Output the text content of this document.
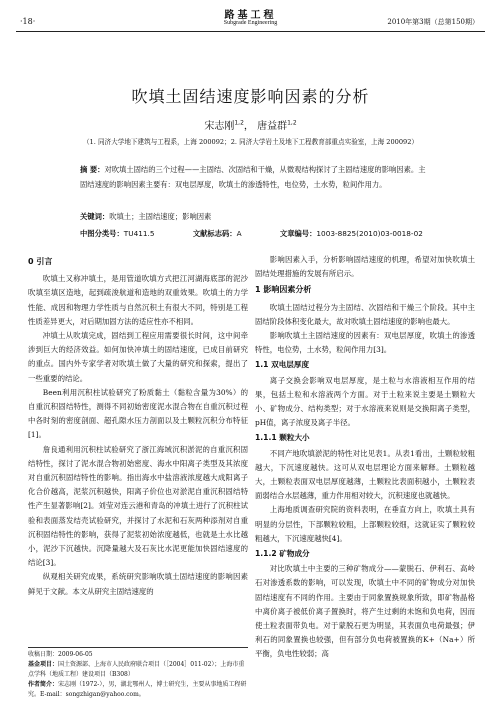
·18·
路基工程
Subgrade Engineering	2010年第3期（总第150期）
吹填土固结速度影响因素的分析
宋志刚$^{1,2}$， 唐益群$^{1,2}$
（1. 同济大学地下建筑与工程系，上海 200092；2. 同济大学岩土及地下工程教育部重点实验室，上海 200092）
摘 要：对吹填土固结的三个过程——主固结、次固结和干燥，从微观结构探讨了主固结速度的影响因素。主固结速度的影响因素主要有：双电层厚度，吹填土的渗透特性，电位势，土水势，粒间作用力。
关键词：吹填土；主固结速度；影响因素
中图分类号：TU411.5	文献标志码：A	文章编号：1003-8825(2010)03-0018-02
0 引言

吹填土又称冲填土，是用管道吹填方式把江河湖海底部的泥沙吹填至填区造地，起到疏浚航道和造地的双重效果。吹填土的力学性能、成因和物理力学性质与自然沉积土有很大不同，特别是工程性质差异更大，对后期加固方法的适应性亦不相同。

冲填土从吹填完成，固结到工程应用需要很长时间，这中间牵涉到巨大的经济效益。如何加快冲填土的固结速度，已成目前研究的重点。国内外专家学者对吹填土做了大量的研究和探索，提出了一些重要的结论。

Been利用沉积柱试验研究了粉质黏土（黏粒含量为30%）的自重沉积固结特性，测得不同初始密度泥水混合物在自重沉积过程中各时刻的密度剖面、超孔隙水压力剖面以及土颗粒沉积分布特征[1]。

詹良通利用沉积柱试验研究了浙江海域沉积淤泥的自重沉积固结特性，探讨了泥水混合物初始密度、海水中阳离子类型及其浓度对自重沉积固结特性的影响。指出海水中盐溶液浓度越大成阳离子化合价越高，泥浆沉积越快，阳离子价位也对淤泥自重沉积固结特性产生显著影响[2]。刘莹对连云港和青岛的冲填土进行了沉积柱试验和表面蒸发结壳试验研究，并探讨了水泥和石灰两种添剂对自重沉积固结特性的影响，获得了泥浆初始浓度越低，也就是土水比越小，泥沙下沉越快。沉降量越大及石灰比水泥更能加快固结速度的结论[3]。

纵观相关研究成果，系统研究影响吹填土固结速度的影响因素鲜见于文献。本文从研究主固结速度的

影响因素入手，分析影响固结速度的机理，希望对加快吹填土固结处理措施的发展有所启示。

1 影响因素分析

吹填土固结过程分为主固结、次固结和干燥三个阶段。其中主固结阶段体积变化最大，故对吹填土固结速度的影响也最大。

影响吹填土主固结速度的因素有：双电层厚度，吹填土的渗透特性，电位势，土水势，粒间作用力[3]。

1.1 双电层厚度

离子交换会影响双电层厚度，是土粒与水溶液相互作用的结果，包括土粒和水溶液两个方面。对于土粒来说主要是土颗粒大小、矿物成分、结构类型；对于水溶液来说则是交换阳离子类型，pH值，离子浓度及离子半径。

1.1.1 颗粒大小

不同产地吹填淤泥的特性对比见表1。从表1看出，土颗粒较粗越大，下沉速度越快。这可从双电层理论方面来解释。土颗粒越大，土颗粒表面双电层厚度越薄，土颗粒比表面积越小，土颗粒表面弱结合水层越薄，重力作用相对较大，沉积速度也就越快。

上海地质调查研究院的资料表明，在垂直方向上，吹填土具有明显的分层性，下部颗粒较粗，上部颗粒较细，这就证实了颗粒较粗越大，下沉速度越快[4]。

1.1.2 矿物成分

对比吹填土中主要的三种矿物成分——蒙脱石、伊利石、高岭石对渗透系数的影响，可以发现，吹填土中不同的矿物成分对加快固结速度有不同的作用。主要由于同象置换规象所致，即矿物晶格中离价离子被低价离子置换时，将产生过剩的未饱和负电荷，因而使土粒表面带负电。对于蒙脱石更为明显，其表面负电荷最强；伊利石的同象置换也较强，但有部分负电荷被置换的K+（Na+）所平衡，负电性较弱；高

收稿日期：2009-06-05
基金项目：国土资源部、上海市人民政府联合项目（［2004］011-02）；上海市重点学科（地质工程）建设项目（B308）
作者简介：宋志刚（1972-），男，湖北鄂州人，博士研究生，主要从事地质工程研究。E-mail：songzhigan@yahoo.com。
